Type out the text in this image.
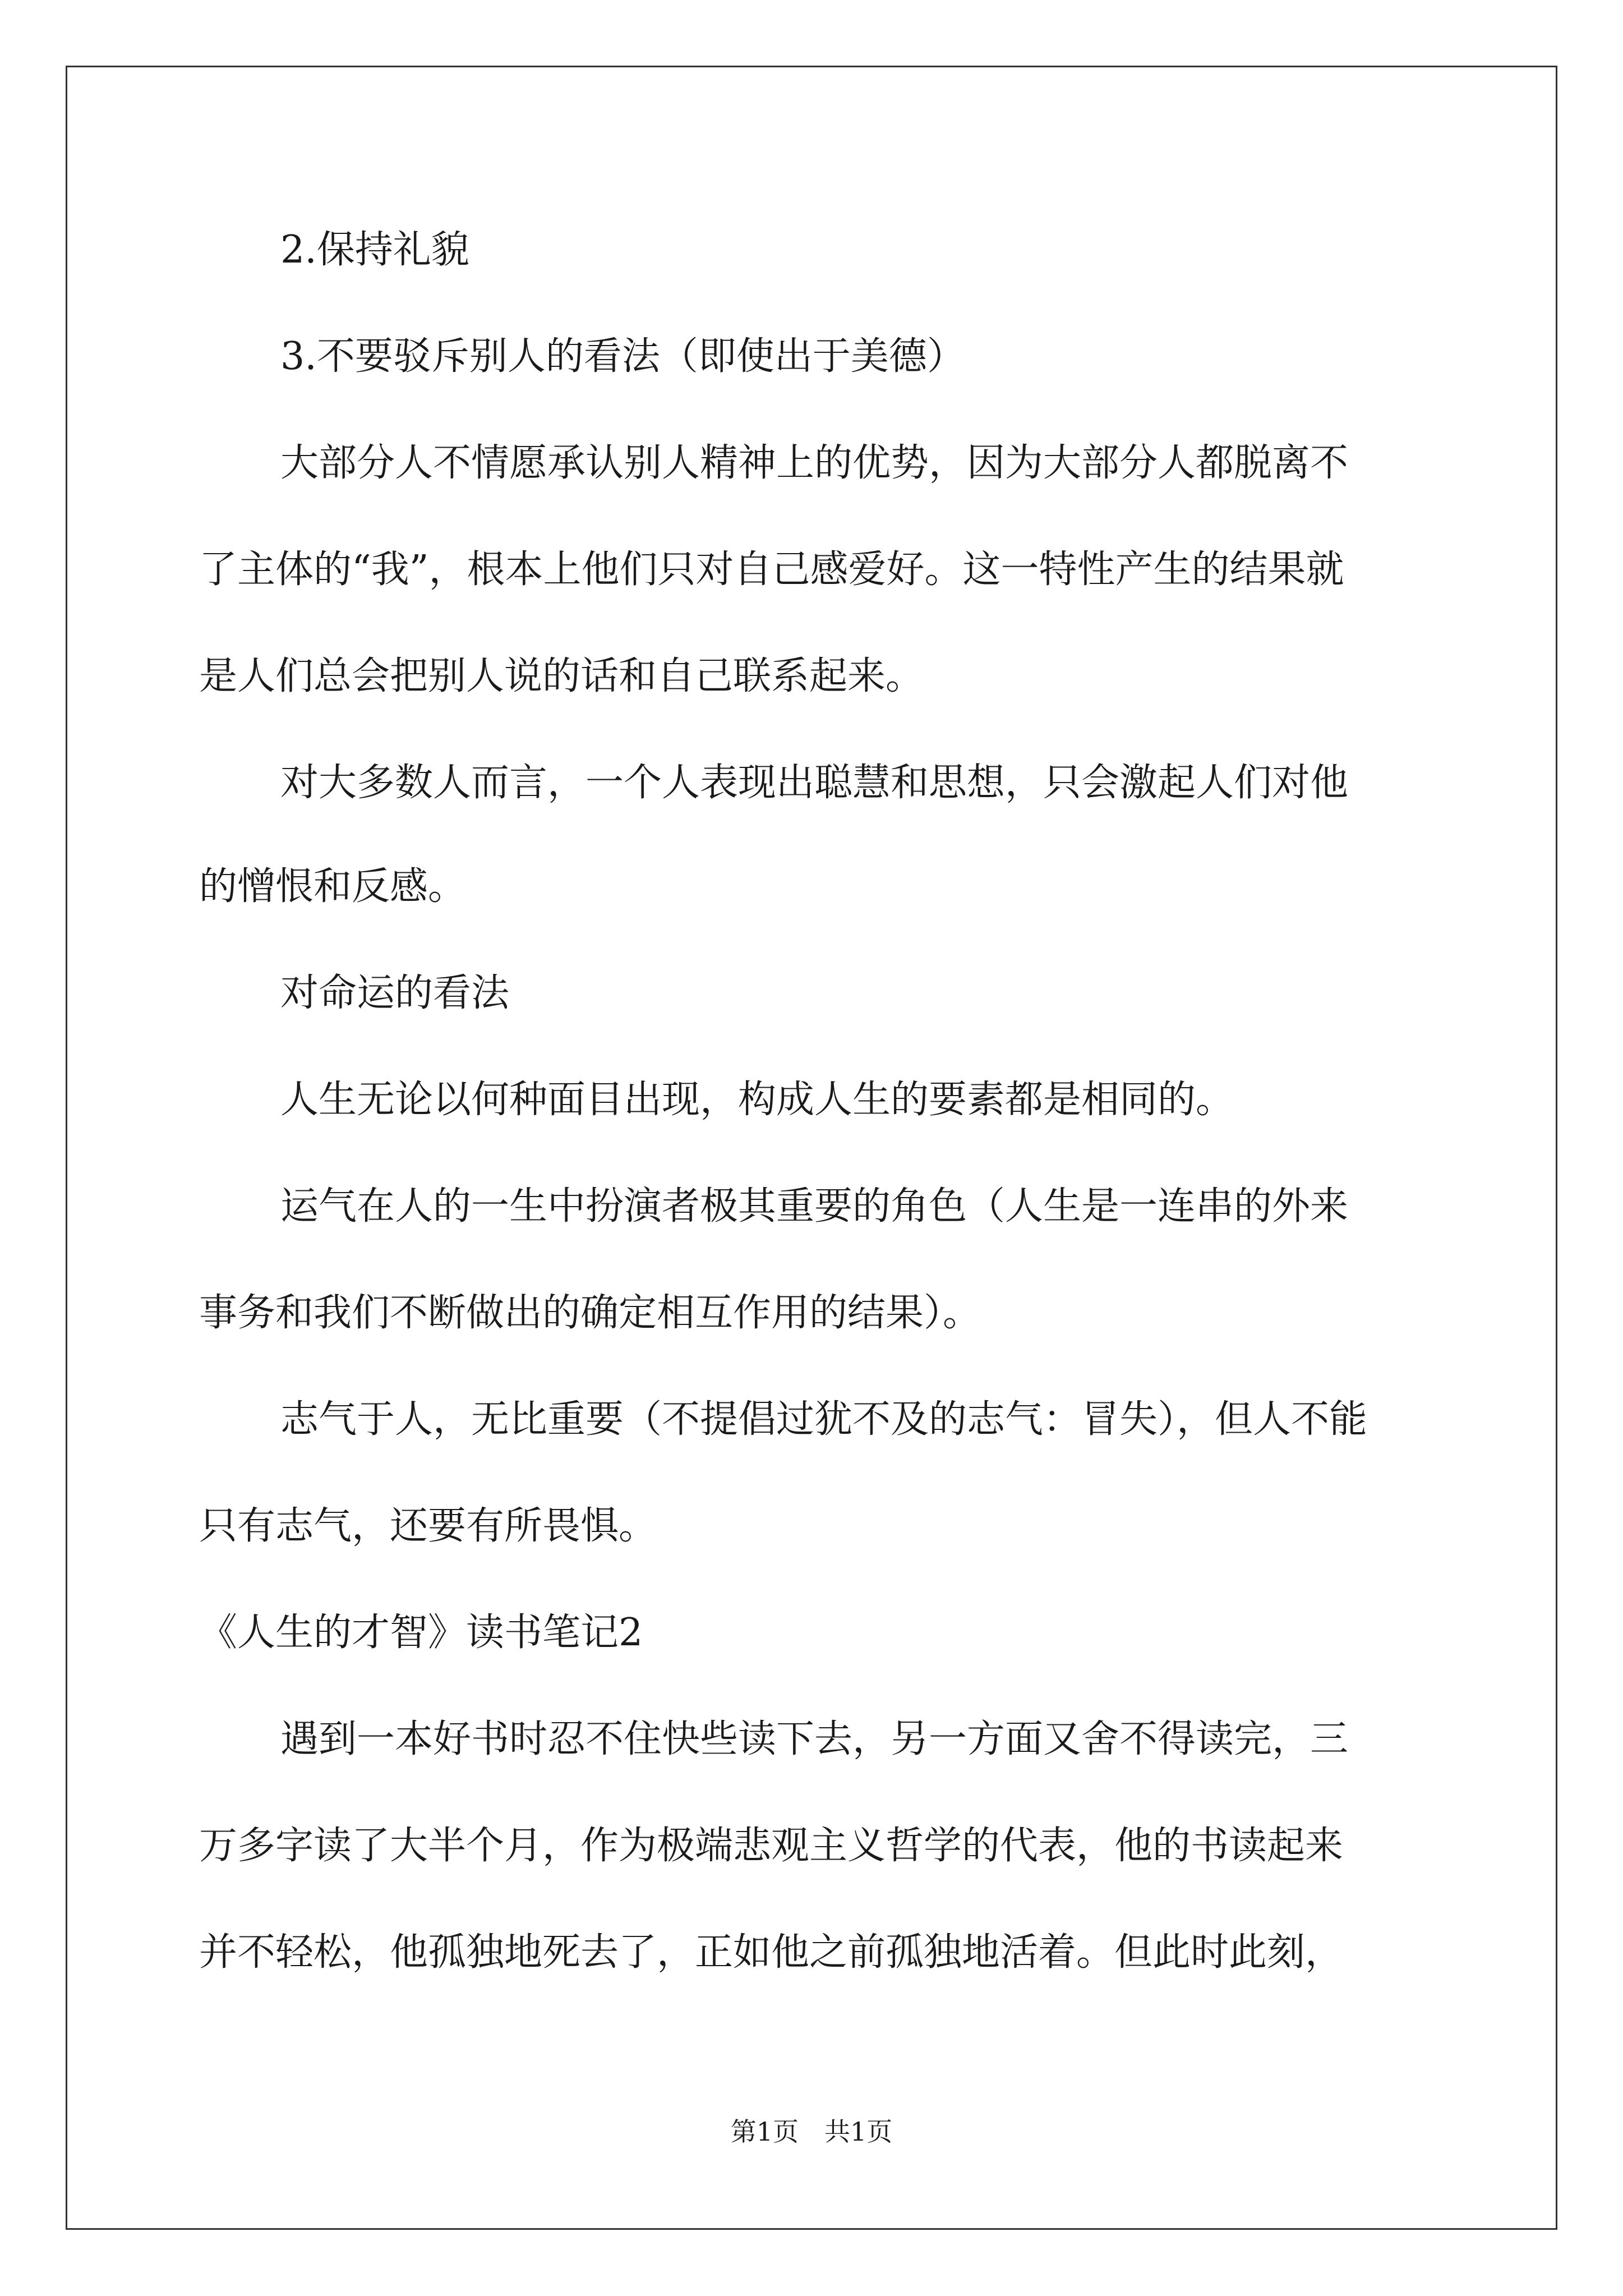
2.保持礼貌
3.不要驳斥别人的看法（即使出于美德）
大部分人不情愿承认别人精神上的优势，因为大部分人都脱离不
了主体的“我”，根本上他们只对自己感爱好。这一特性产生的结果就
是人们总会把别人说的话和自己联系起来。
对大多数人而言，一个人表现出聪慧和思想，只会激起人们对他
的憎恨和反感。
对命运的看法
人生无论以何种面目出现，构成人生的要素都是相同的。
运气在人的一生中扮演者极其重要的角色（人生是一连串的外来
事务和我们不断做出的确定相互作用的结果）。
志气于人，无比重要（不提倡过犹不及的志气：冒失），但人不能
只有志气，还要有所畏惧。
《人生的才智》读书笔记2
遇到一本好书时忍不住快些读下去，另一方面又舍不得读完，三
万多字读了大半个月，作为极端悲观主义哲学的代表，他的书读起来
并不轻松，他孤独地死去了，正如他之前孤独地活着。但此时此刻，
第1页　共1页
